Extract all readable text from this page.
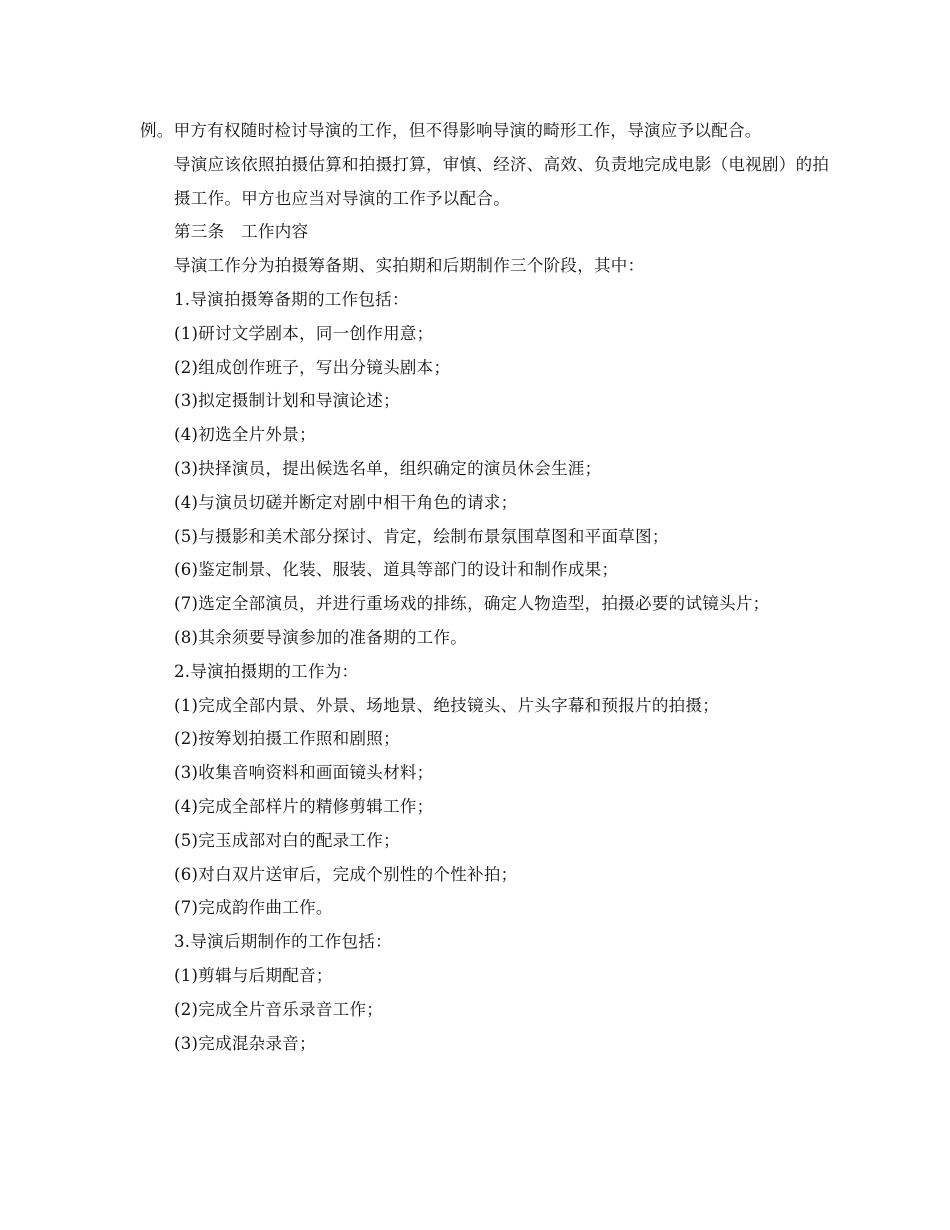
例。甲方有权随时检讨导演的工作，但不得影响导演的畸形工作，导演应予以配合。

导演应该依照拍摄估算和拍摄打算，审慎、经济、高效、负责地完成电影（电视剧）的拍摄工作。甲方也应当对导演的工作予以配合。

第三条　工作内容

导演工作分为拍摄筹备期、实拍期和后期制作三个阶段，其中：

1.导演拍摄筹备期的工作包括：

(1)研讨文学剧本，同一创作用意；

(2)组成创作班子，写出分镜头剧本；

(3)拟定摄制计划和导演论述；

(4)初选全片外景；

(3)抉择演员，提出候选名单，组织确定的演员休会生涯；

(4)与演员切磋并断定对剧中相干角色的请求；

(5)与摄影和美术部分探讨、肯定，绘制布景氛围草图和平面草图；

(6)鉴定制景、化装、服装、道具等部门的设计和制作成果；

(7)选定全部演员，并进行重场戏的排练，确定人物造型，拍摄必要的试镜头片；

(8)其余须要导演参加的准备期的工作。

2.导演拍摄期的工作为：

(1)完成全部内景、外景、场地景、绝技镜头、片头字幕和预报片的拍摄；

(2)按筹划拍摄工作照和剧照；

(3)收集音响资料和画面镜头材料；

(4)完成全部样片的精修剪辑工作；

(5)完玉成部对白的配录工作；

(6)对白双片送审后，完成个别性的个性补拍；

(7)完成韵作曲工作。

3.导演后期制作的工作包括：

(1)剪辑与后期配音；

(2)完成全片音乐录音工作；

(3)完成混杂录音；
